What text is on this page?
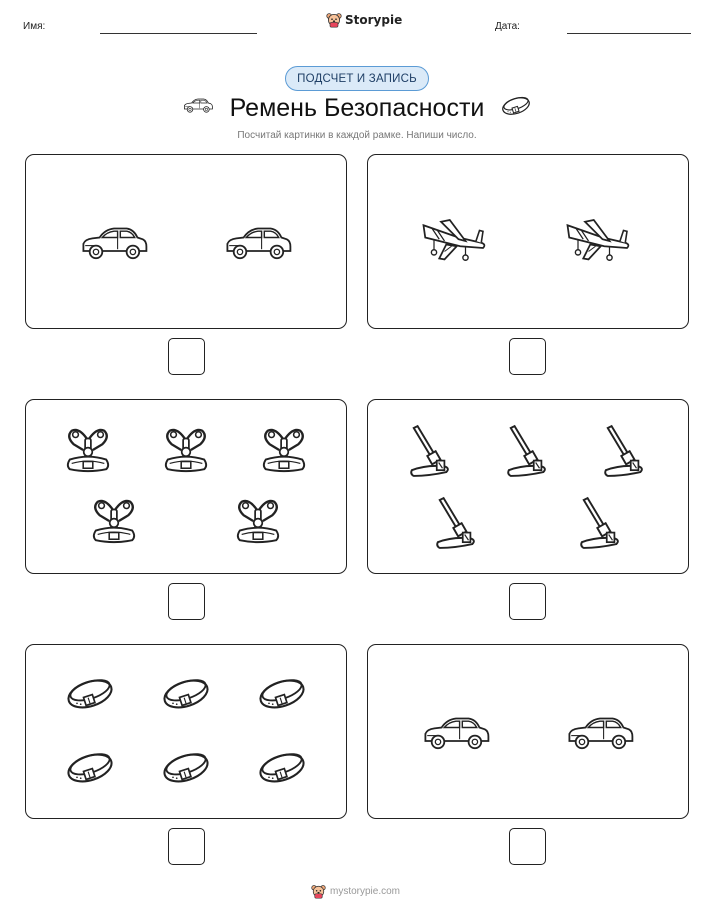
Имя:	Storypie	Дата:
ПОДСЧЕТ И ЗАПИСЬ
Ремень Безопасности
Посчитай картинки в каждой рамке. Напиши число.
mystorypie.com
